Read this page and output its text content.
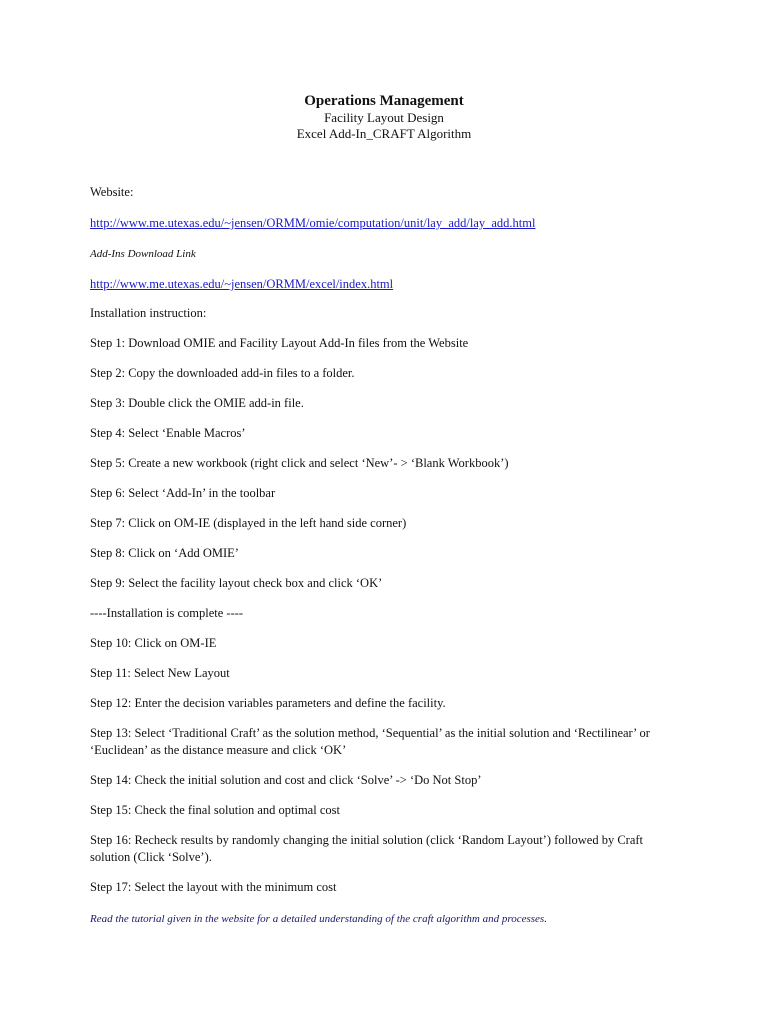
Operations Management
Facility Layout Design
Excel Add-In_CRAFT Algorithm
Website:
http://www.me.utexas.edu/~jensen/ORMM/omie/computation/unit/lay_add/lay_add.html
Add-Ins Download Link
http://www.me.utexas.edu/~jensen/ORMM/excel/index.html
Installation instruction:
Step 1: Download OMIE and Facility Layout Add-In files from the Website
Step 2: Copy the downloaded add-in files to a folder.
Step 3: Double click the OMIE add-in file.
Step 4: Select ‘Enable Macros’
Step 5: Create a new workbook (right click and select ‘New’- > ‘Blank Workbook’)
Step 6: Select ‘Add-In’ in the toolbar
Step 7: Click on OM-IE (displayed in the left hand side corner)
Step 8: Click on ‘Add OMIE’
Step 9: Select the facility layout check box and click ‘OK’
----Installation is complete ----
Step 10: Click on OM-IE
Step 11: Select New Layout
Step 12: Enter the decision variables parameters and define the facility.
Step 13: Select ‘Traditional Craft’ as the solution method, ‘Sequential’ as the initial solution and ‘Rectilinear’ or ‘Euclidean’ as the distance measure and click ‘OK’
Step 14: Check the initial solution and cost and click ‘Solve’ -> ‘Do Not Stop’
Step 15: Check the final solution and optimal cost
Step 16: Recheck results by randomly changing the initial solution (click ‘Random Layout’) followed by Craft solution (Click ‘Solve’).
Step 17: Select the layout with the minimum cost
Read the tutorial given in the website for a detailed understanding of the craft algorithm and processes.
